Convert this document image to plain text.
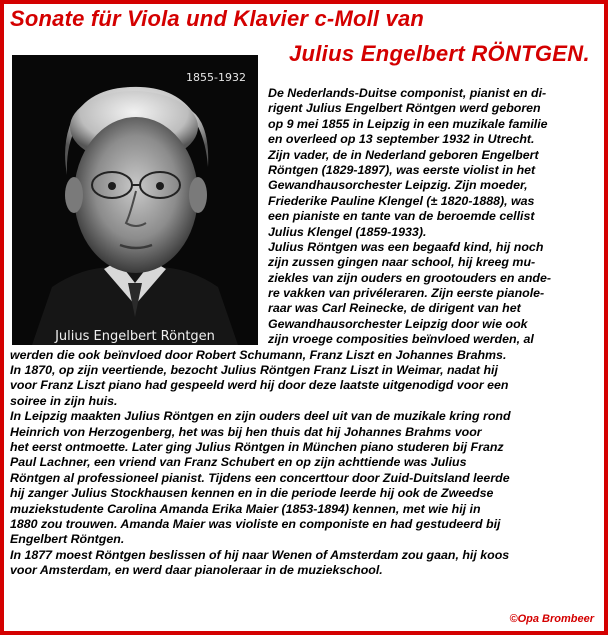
Sonate für Viola und Klavier c-Moll van
Julius Engelbert RÖNTGEN.
1855-1932
Julius Engelbert Röntgen
De Nederlands-Duitse componist, pianist en di-
rigent Julius Engelbert Röntgen werd geboren
op 9 mei 1855 in Leipzig in een muzikale familie
en overleed op 13 september 1932 in Utrecht.
Zijn vader, de in Nederland geboren Engelbert
Röntgen (1829-1897), was eerste violist in het
Gewandhausorchester Leipzig. Zijn moeder,
Friederike Pauline Klengel (± 1820-1888), was
een pianiste en tante van de beroemde cellist
Julius Klengel (1859-1933).
Julius Röntgen was een begaafd kind, hij noch
zijn zussen gingen naar school, hij kreeg mu-
ziekles van zijn ouders en grootouders en ande-
re vakken van privéleraren. Zijn eerste pianole-
raar was Carl Reinecke, de dirigent van het
Gewandhausorchester Leipzig door wie ook
zijn vroege composities beïnvloed werden, al
werden die ook beïnvloed door Robert Schumann, Franz Liszt en Johannes Brahms.
In 1870, op zijn veertiende, bezocht Julius Röntgen Franz Liszt in Weimar, nadat hij
voor Franz Liszt piano had gespeeld werd hij door deze laatste uitgenodigd voor een
soiree in zijn huis.
In Leipzig maakten Julius Röntgen en zijn ouders deel uit van de muzikale kring rond
Heinrich von Herzogenberg, het was bij hen thuis dat hij Johannes Brahms voor
het eerst ontmoette. Later ging Julius Röntgen in München piano studeren bij Franz
Paul Lachner, een vriend van Franz Schubert en op zijn achttiende was Julius
Röntgen al professioneel pianist. Tijdens een concerttour door Zuid-Duitsland leerde
hij zanger Julius Stockhausen kennen en in die periode leerde hij ook de Zweedse
muziekstudente Carolina Amanda Erika Maier (1853-1894) kennen, met wie hij in
1880 zou trouwen. Amanda Maier was violiste en componiste en had gestudeerd bij
Engelbert Röntgen.
In 1877 moest Röntgen beslissen of hij naar Wenen of Amsterdam zou gaan, hij koos
voor Amsterdam, en werd daar pianoleraar in de muziekschool.
©Opa Brombeer
